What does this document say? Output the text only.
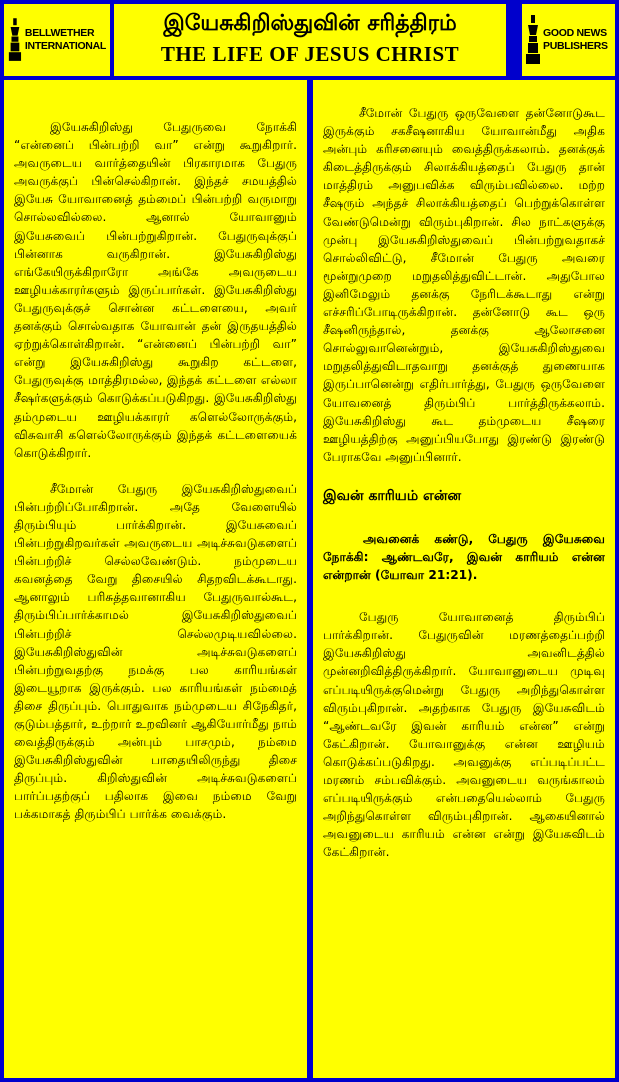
BELLWETHER
INTERNATIONAL
இயேசுகிறிஸ்துவின் சரித்திரம்
THE LIFE OF JESUS CHRIST
GOOD NEWS
PUBLISHERS

இயேசுகிறிஸ்து பேதுருவை நோக்கி “என்னைப் பின்பற்றி வா” என்று கூறுகிறார். அவருடைய வார்த்தையின் பிரகாரமாக பேதுரு அவருக்குப் பின்செல்கிறான். இந்தச் சமயத்தில் இயேசு யோவானைத் தம்மைப் பின்பற்றி வருமாறு சொல்லவில்லை. ஆனால் யோவானும் இயேசுவைப் பின்பற்றுகிறான். பேதுருவுக்குப் பின்னாக வருகிறான். இயேசுகிறிஸ்து எங்கேயிருக்கிறாரோ அங்கே அவருடைய ஊழியக்காரர்களும் இருப்பார்கள். இயேசுகிறிஸ்து பேதுருவுக்குச் சொன்ன கட்டளையை, அவர் தனக்கும் சொல்வதாக யோவான் தன் இருதயத்தில் ஏற்றுக்கொள்கிறான். “என்னைப் பின்பற்றி வா” என்று இயேசுகிறிஸ்து கூறுகிற கட்டளை, பேதுருவுக்கு மாத்திரமல்ல, இந்தக் கட்டளை எல்லா சீஷர்களுக்கும் கொடுக்கப்படுகிறது. இயேசுகிறிஸ்து தம்முடைய ஊழியக்காரர் களெல்லோருக்கும், விசுவாசி களெல்லோருக்கும் இந்தக் கட்டளையைக் கொடுக்கிறார்.

சீமோன் பேதுரு இயேசுகிறிஸ்துவைப் பின்பற்றிப்போகிறான். அதே வேளையில் திரும்பியும் பார்க்கிறான். இயேசுவைப் பின்பற்றுகிறவர்கள் அவருடைய அடிச்சுவடுகளைப் பின்பற்றிச் செல்லவேண்டும். நம்முடைய கவனத்தை வேறு திசையில் சிதறவிடக்கூடாது. ஆனாலும் பரிசுத்தவானாகிய பேதுருவால்கூட, திரும்பிப்பார்க்காமல் இயேசுகிறிஸ்துவைப் பின்பற்றிச் செல்லமுடியவில்லை. இயேசுகிறிஸ்துவின் அடிச்சுவடுகளைப் பின்பற்றுவதற்கு நமக்கு பல காரியங்கள் இடையூறாக இருக்கும். பல காரியங்கள் நம்மைத் திசை திருப்பும். பொதுவாக நம்முடைய சிநேகிதர், குடும்பத்தார், உற்றார் உறவினர் ஆகியோர்மீது நாம் வைத்திருக்கும் அன்பும் பாசமும், நம்மை இயேசுகிறிஸ்துவின் பாதையிலிருந்து திசை திருப்பும். கிறிஸ்துவின் அடிச்சுவடுகளைப் பார்ப்பதற்குப் பதிலாக இவை நம்மை வேறு பக்கமாகத் திரும்பிப் பார்க்க வைக்கும்.

சீமோன் பேதுரு ஒருவேளை தன்னோடுகூட இருக்கும் சகசீஷனாகிய யோவான்மீது அதிக அன்பும் கரிசனையும் வைத்திருக்கலாம். தனக்குக் கிடைத்திருக்கும் சிலாக்கியத்தைப் பேதுரு தான் மாத்திரம் அனுபவிக்க விரும்பவில்லை. மற்ற சீஷரும் அந்தச் சிலாக்கியத்தைப் பெற்றுக்கொள்ள வேண்டுமென்று விரும்புகிறான். சில நாட்களுக்கு முன்பு இயேசுகிறிஸ்துவைப் பின்பற்றுவதாகச் சொல்லிவிட்டு, சீமோன் பேதுரு அவரை மூன்றுமுறை மறுதலித்துவிட்டான். அதுபோல இனிமேலும் தனக்கு நேரிடக்கூடாது என்று எச்சரிப்போடிருக்கிறான். தன்னோடு கூட ஒரு சீஷனிருந்தால், தனக்கு ஆலோசனை சொல்லுவானென்றும், இயேசுகிறிஸ்துவை மறுதலித்துவிடாதவாறு தனக்குத் துணையாக இருப்பானென்று எதிர்பார்த்து, பேதுரு ஒருவேளை யோவனைத் திரும்பிப் பார்த்திருக்கலாம். இயேசுகிறிஸ்து கூட தம்முடைய சீஷரை ஊழியத்திற்கு அனுப்பியபோது இரண்டு இரண்டு பேராகவே அனுப்பினார்.

இவன் காரியம் என்ன

அவனைக் கண்டு, பேதுரு இயேசுவை நோக்கி: ஆண்டவரே, இவன் காரியம் என்ன என்றான் (யோவா 21:21).

பேதுரு யோவானைத் திரும்பிப் பார்க்கிறான். பேதுருவின் மரணத்தைப்பற்றி இயேசுகிறிஸ்து அவனிடத்தில் முன்னறிவித்திருக்கிறார். யோவானுடைய முடிவு எப்படியிருக்குமென்று பேதுரு அறிந்துகொள்ள விரும்புகிறான். அதற்காக பேதுரு இயேசுவிடம் “ஆண்டவரே இவன் காரியம் என்ன” என்று கேட்கிறான். யோவானுக்கு என்ன ஊழியம் கொடுக்கப்படுகிறது. அவனுக்கு எப்படிப்பட்ட மரணம் சம்பவிக்கும். அவனுடைய வருங்காலம் எப்படியிருக்கும் என்பதையெல்லாம் பேதுரு அறிந்துகொள்ள விரும்புகிறான். ஆகையினால் அவனுடைய காரியம் என்ன என்று இயேசுவிடம் கேட்கிறான்.
